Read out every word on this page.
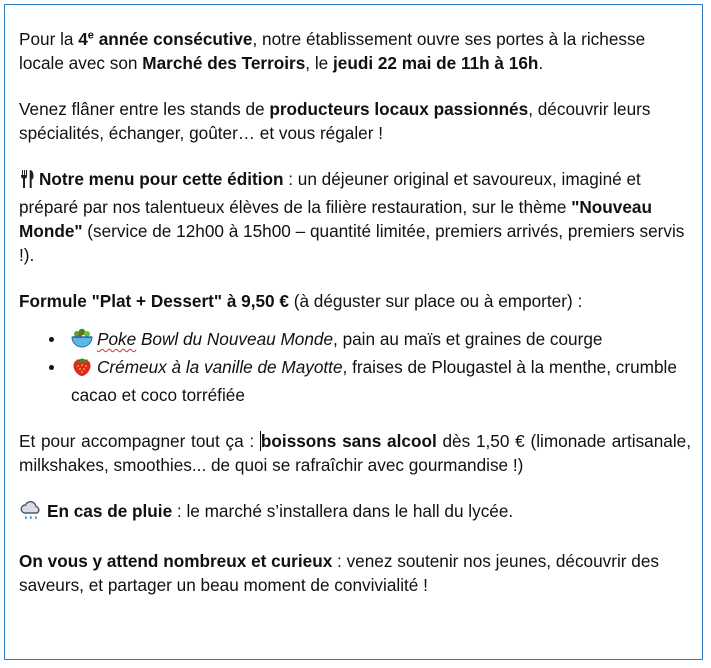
Pour la 4e année consécutive, notre établissement ouvre ses portes à la richesse locale avec son Marché des Terroirs, le jeudi 22 mai de 11h à 16h.

Venez flâner entre les stands de producteurs locaux passionnés, découvrir leurs spécialités, échanger, goûter… et vous régaler !

Notre menu pour cette édition : un déjeuner original et savoureux, imaginé et préparé par nos talentueux élèves de la filière restauration, sur le thème "Nouveau Monde" (service de 12h00 à 15h00 – quantité limitée, premiers arrivés, premiers servis !).

Formule "Plat + Dessert" à 9,50 € (à déguster sur place ou à emporter) :

Poke Bowl du Nouveau Monde, pain au maïs et graines de courge
Crémeux à la vanille de Mayotte, fraises de Plougastel à la menthe, crumble cacao et coco torréfiée

Et pour accompagner tout ça : boissons sans alcool dès 1,50 € (limonade artisanale, milkshakes, smoothies... de quoi se rafraîchir avec gourmandise !)

En cas de pluie : le marché s’installera dans le hall du lycée.

On vous y attend nombreux et curieux : venez soutenir nos jeunes, découvrir des saveurs, et partager un beau moment de convivialité !
